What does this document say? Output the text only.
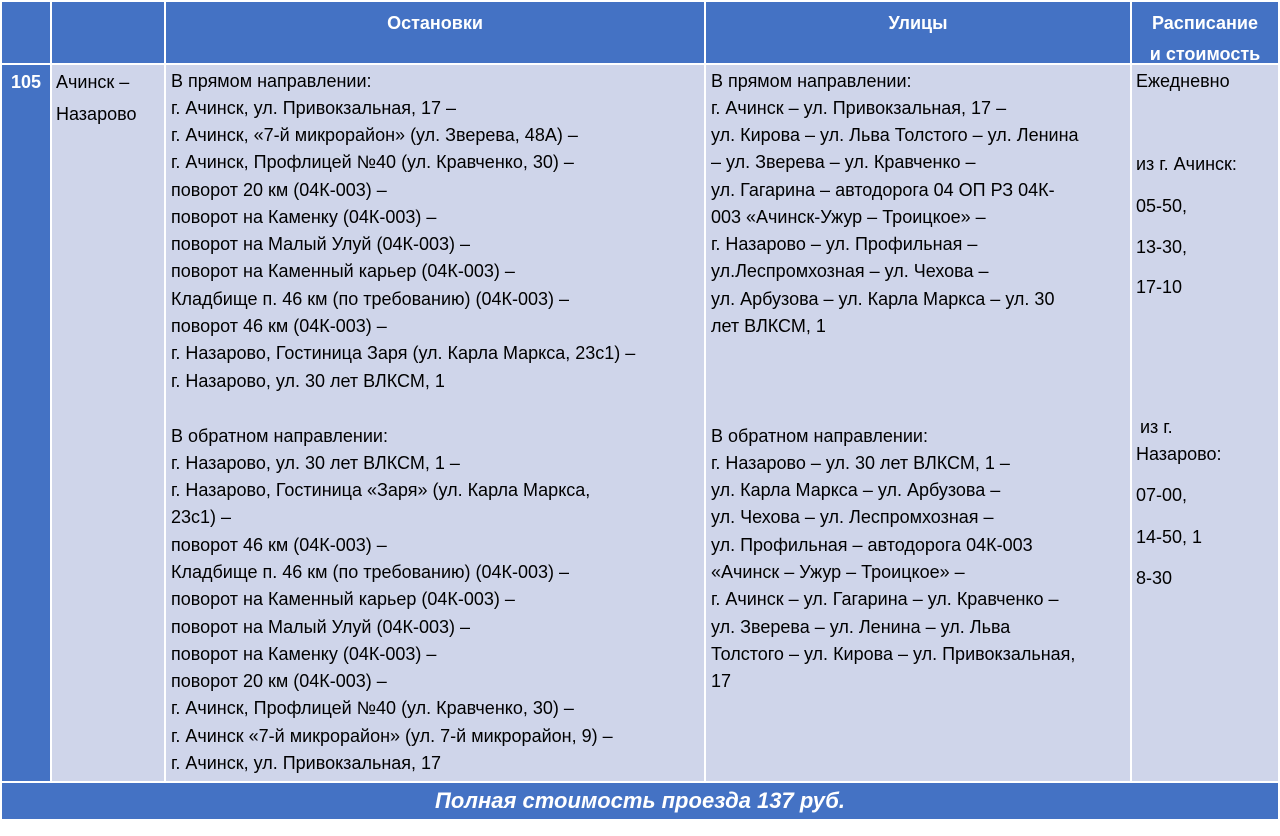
Остановки	Улицы	Расписание
и стоимость
105 Ачинск –
Назарово
В прямом направлении:
г. Ачинск, ул. Привокзальная, 17 –
г. Ачинск, «7-й микрорайон» (ул. Зверева, 48А) –
г. Ачинск, Профлицей №40 (ул. Кравченко, 30) –
поворот 20 км (04К-003) –
поворот на Каменку (04К-003) –
поворот на Малый Улуй (04К-003) –
поворот на Каменный карьер (04К-003) –
Кладбище п. 46 км (по требованию) (04К-003) –
поворот 46 км (04К-003) –
г. Назарово, Гостиница Заря (ул. Карла Маркса, 23с1) –
г. Назарово, ул. 30 лет ВЛКСМ, 1
В обратном направлении:
г. Назарово, ул. 30 лет ВЛКСМ, 1 –
г. Назарово, Гостиница «Заря» (ул. Карла Маркса,
23с1) –
поворот 46 км (04К-003) –
Кладбище п. 46 км (по требованию) (04К-003) –
поворот на Каменный карьер (04К-003) –
поворот на Малый Улуй (04К-003) –
поворот на Каменку (04К-003) –
поворот 20 км (04К-003) –
г. Ачинск, Профлицей №40 (ул. Кравченко, 30) –
г. Ачинск «7-й микрорайон» (ул. 7-й микрорайон, 9) –
г. Ачинск, ул. Привокзальная, 17
В прямом направлении:
г. Ачинск – ул. Привокзальная, 17 –
ул. Кирова – ул. Льва Толстого – ул. Ленина
– ул. Зверева – ул. Кравченко –
ул. Гагарина – автодорога 04 ОП РЗ 04К-
003 «Ачинск-Ужур – Троицкое» –
г. Назарово – ул. Профильная –
ул.Леспромхозная – ул. Чехова –
ул. Арбузова – ул. Карла Маркса – ул. 30
лет ВЛКСМ, 1
В обратном направлении:
г. Назарово – ул. 30 лет ВЛКСМ, 1 –
ул. Карла Маркса – ул. Арбузова –
ул. Чехова – ул. Леспромхозная –
ул. Профильная – автодорога 04К-003
«Ачинск – Ужур – Троицкое» –
г. Ачинск – ул. Гагарина – ул. Кравченко –
ул. Зверева – ул. Ленина – ул. Льва
Толстого – ул. Кирова – ул. Привокзальная,
17
Ежедневно
из г. Ачинск:
05-50,
13-30,
17-10
из г.
Назарово:
07-00,
14-50, 1
8-30
Полная стоимость проезда 137 руб.
